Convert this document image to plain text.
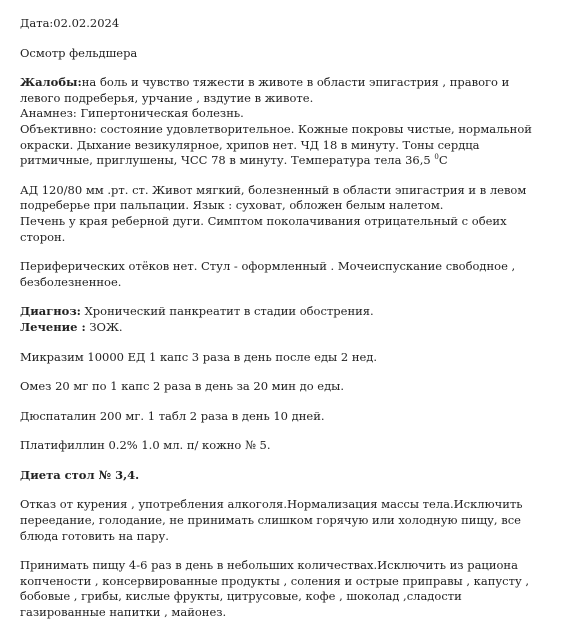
Дата:02.02.2024

Осмотр фельдшера

Жалобы:на боль и чувство тяжести в животе в области эпигастрия , правого и левого подреберья, урчание , вздутие в животе.

Анамнез: Гипертоническая болезнь.

Объективно: состояние удовлетворительное. Кожные покровы чистые, нормальной окраски. Дыхание везикулярное, хрипов нет. ЧД 18 в минуту. Тоны сердца ритмичные, приглушены, ЧСС 78 в минуту. Температура тела 36,5 $^0$С

АД 120/80 мм .рт. ст. Живот мягкий, болезненный в области эпигастрия и в левом подреберье при пальпации. Язык : суховат, обложен белым налетом.

Печень у края реберной дуги. Симптом поколачивания отрицательный с обеих сторон.

Периферических отёков нет. Стул - оформленный . Мочеиспускание свободное , безболезненное.

Диагноз: Хронический панкреатит в стадии обострения.

Лечение : ЗОЖ.

Микразим 10000 ЕД 1 капс 3 раза в день после еды 2 нед.

Омез 20 мг по 1 капс 2 раза в день за 20 мин до еды.

Дюспаталин 200 мг. 1 табл 2 раза в день 10 дней.

Платифиллин 0.2% 1.0 мл. п/ кожно № 5.

Диета стол № 3,4.

Отказ от курения , употребления алкоголя.Нормализация массы тела.Исключить переедание, голодание, не принимать слишком горячую или холодную пищу, все блюда готовить на пару.

Принимать пищу 4-6 раз в день в небольших количествах.Исключить из рациона копчености , консервированные продукты , соления и острые приправы , капусту , бобовые , грибы, кислые фрукты, цитрусовые, кофе , шоколад ,сладости газированные напитки , майонез.
